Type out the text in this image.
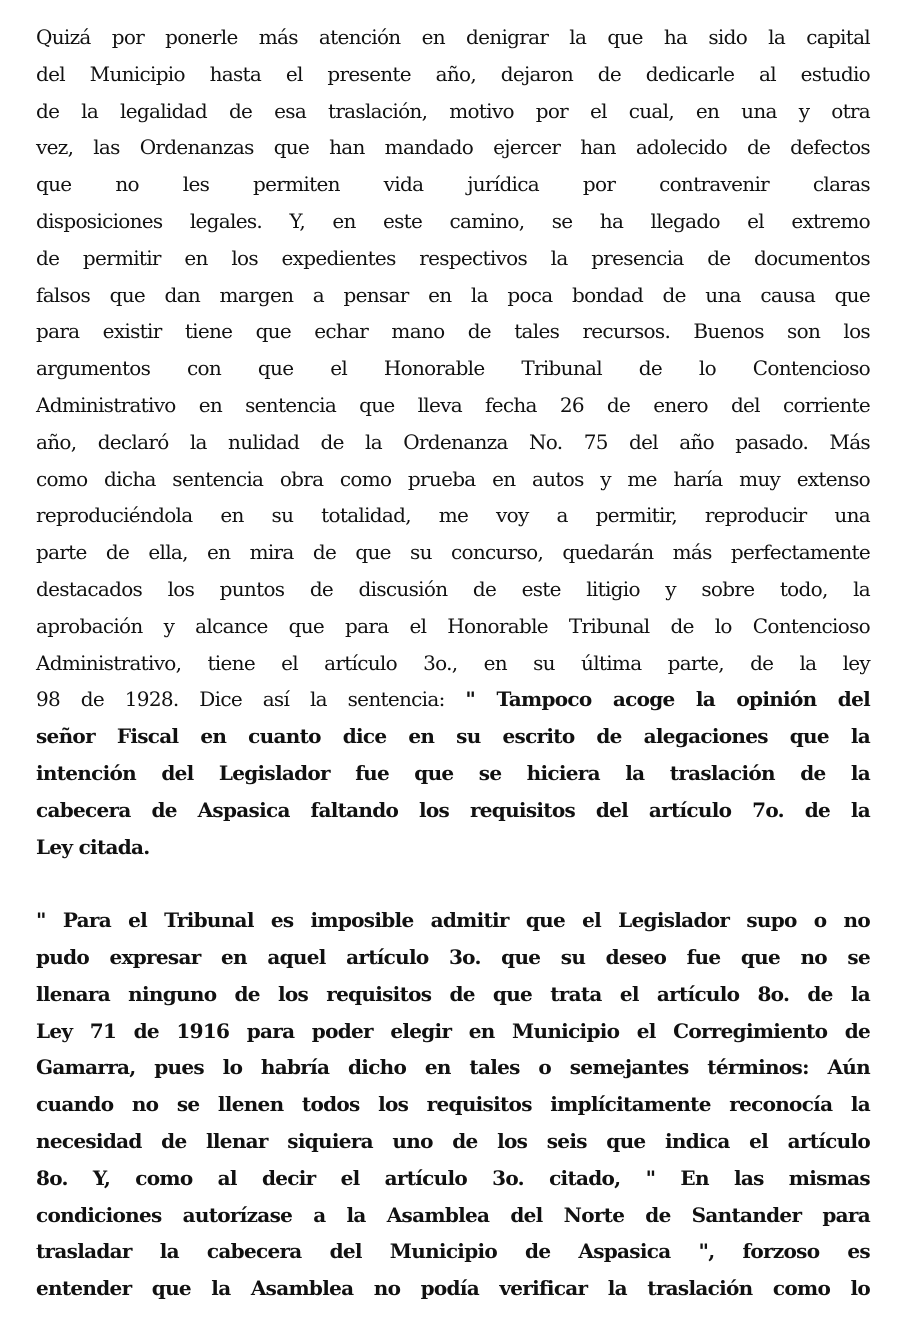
Quizá por ponerle más atención en denigrar la que ha sido la capital
del Municipio hasta el presente año, dejaron de dedicarle al estudio
de la legalidad de esa traslación, motivo por el cual, en una y otra
vez, las Ordenanzas que han mandado ejercer han adolecido de defectos
que no les permiten vida jurídica por contravenir claras
disposiciones legales. Y, en este camino, se ha llegado el extremo
de permitir en los expedientes respectivos la presencia de documentos
falsos que dan margen a pensar en la poca bondad de una causa que
para existir tiene que echar mano de tales recursos. Buenos son los
argumentos con que el Honorable Tribunal de lo Contencioso
Administrativo en sentencia que lleva fecha 26 de enero del corriente
año, declaró la nulidad de la Ordenanza No. 75 del año pasado. Más
como dicha sentencia obra como prueba en autos y me haría muy extenso
reproduciéndola en su totalidad, me voy a permitir, reproducir una
parte de ella, en mira de que su concurso, quedarán más perfectamente
destacados los puntos de discusión de este litigio y sobre todo, la
aprobación y alcance que para el Honorable Tribunal de lo Contencioso
Administrativo, tiene el artículo 3o., en su última parte, de la ley
98 de 1928. Dice así la sentencia: " Tampoco acoge la opinión del
señor Fiscal en cuanto dice en su escrito de alegaciones que la
intención del Legislador fue que se hiciera la traslación de la
cabecera de Aspasica faltando los requisitos del artículo 7o. de la
Ley citada.
" Para el Tribunal es imposible admitir que el Legislador supo o no
pudo expresar en aquel artículo 3o. que su deseo fue que no se
llenara ninguno de los requisitos de que trata el artículo 8o. de la
Ley 71 de 1916 para poder elegir en Municipio el Corregimiento de
Gamarra, pues lo habría dicho en tales o semejantes términos: Aún
cuando no se llenen todos los requisitos implícitamente reconocía la
necesidad de llenar siquiera uno de los seis que indica el artículo
8o. Y, como al decir el artículo 3o. citado, " En las mismas
condiciones autorízase a la Asamblea del Norte de Santander para
trasladar la cabecera del Municipio de Aspasica ", forzoso es
entender que la Asamblea no podía verificar la traslación como lo
